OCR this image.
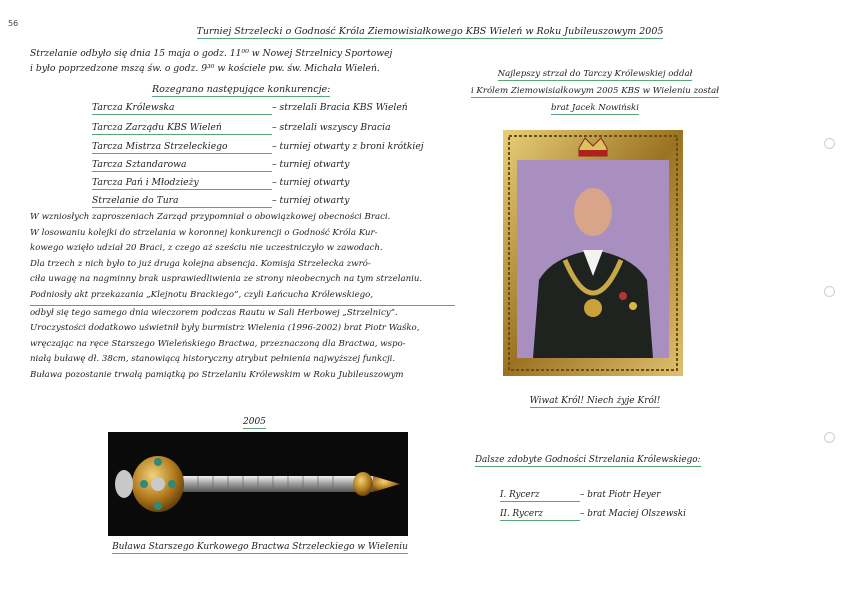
56
Turniej Strzelecki o Godność Króla Ziemowisiałkowego KBS Wieleń w Roku Jubileuszowym 2005
Strzelanie odbyło się dnia 15 maja o godz. 11⁰⁰ w Nowej Strzelnicy Sportowej
i było poprzedzone mszą św. o godz. 9³⁰ w kościele pw. św. Michała Wieleń.
Rozegrano następujące konkurencje:
Tarcza Królewska	– strzelali Bracia KBS Wieleń
Tarcza Zarządu KBS Wieleń	– strzelali wszyscy Bracia
Tarcza Mistrza Strzeleckiego	– turniej otwarty z broni krótkiej
Tarcza Sztandarowa	– turniej otwarty
Tarcza Pań i Młodzieży	– turniej otwarty
Strzelanie do Tura	– turniej otwarty

W wzniosłych zaproszeniach Zarząd przypomniał o obowiązkowej obecności Braci.

W losowaniu kolejki do strzelania w koronnej konkurencji o Godność Króla Kur-

kowego wzięło udział 20 Braci, z czego aż sześciu nie uczestniczyło w zawodach.

Dla trzech z nich było to już druga kolejna absencja. Komisja Strzelecka zwró-

ciła uwagę na nagminny brak usprawiedliwienia ze strony nieobecnych na tym strzelaniu.

Podniosły akt przekazania „Klejnotu Brackiego”, czyli Łańcucha Królewskiego,

odbył się tego samego dnia wieczorem podczas Rautu w Sali Herbowej „Strzelnicy”.

Uroczystości dodatkowo uświetnił były burmistrz Wielenia (1996-2002) brat Piotr Waśko,

wręczając na ręce Starszego Wieleńskiego Bractwa, przeznaczoną dla Bractwa, wspo-

niałą buławę dł. 38cm, stanowiącą historyczny atrybut pełnienia najwyższej funkcji.

Buława pozostanie trwałą pamiątką po Strzelaniu Królewskim w Roku Jubileuszowym

2005
Buława Starszego Kurkowego Bractwa Strzeleckiego w Wieleniu
Najlepszy strzał do Tarczy Królewskiej oddał
i Królem Ziemowisiałkowym 2005 KBS w Wieleniu został
brat Jacek Nowiński
Wiwat Król! Niech żyje Król!
Dalsze zdobyte Godności Strzelania Królewskiego:
I. Rycerz	– brat Piotr Heyer
II. Rycerz	– brat Maciej Olszewski
